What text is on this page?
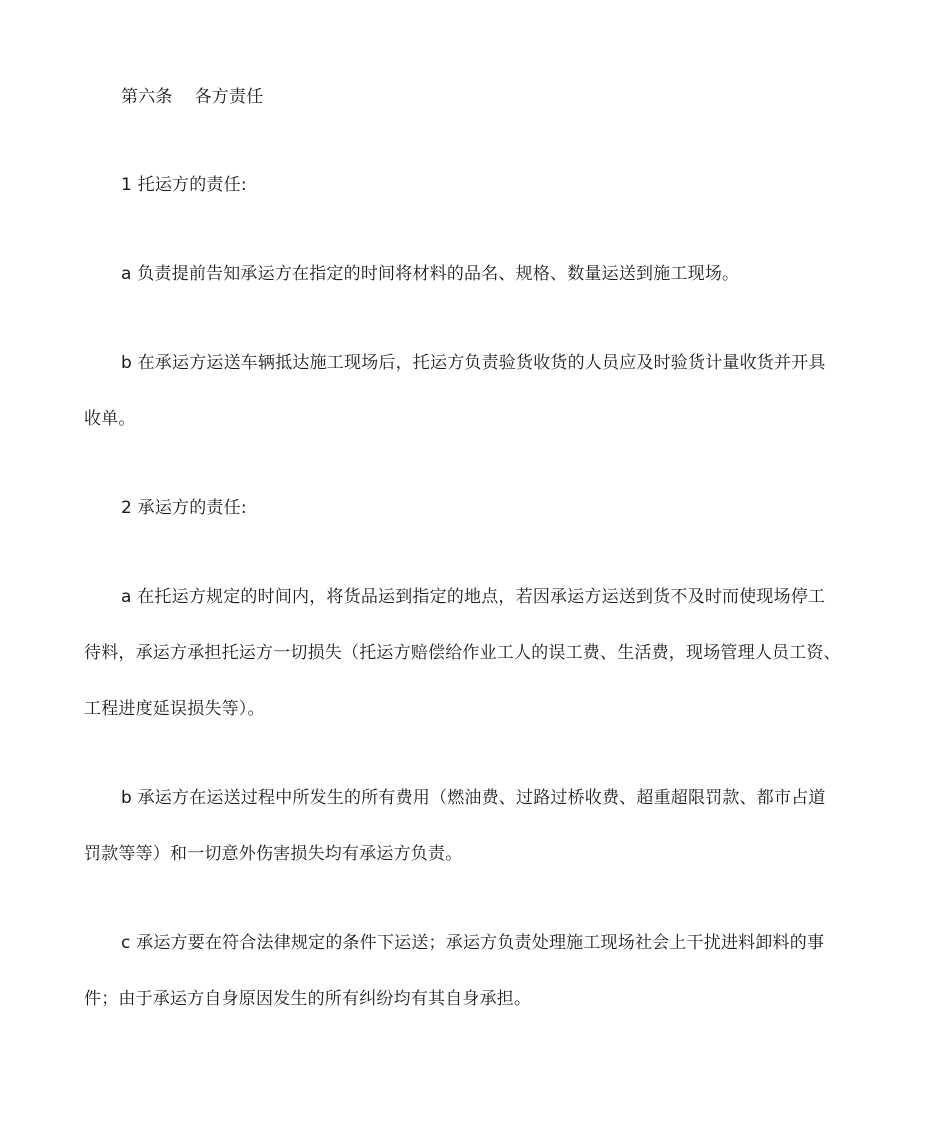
第六条 各方责任
1 托运方的责任:
a 负责提前告知承运方在指定的时间将材料的品名、规格、数量运送到施工现场。
b 在承运方运送车辆抵达施工现场后，托运方负责验货收货的人员应及时验货计量收货并开具
收单。
2 承运方的责任:
a 在托运方规定的时间内，将货品运到指定的地点，若因承运方运送到货不及时而使现场停工
待料，承运方承担托运方一切损失（托运方赔偿给作业工人的误工费、生活费，现场管理人员工资、
工程进度延误损失等）。
b 承运方在运送过程中所发生的所有费用（燃油费、过路过桥收费、超重超限罚款、都市占道
罚款等等）和一切意外伤害损失均有承运方负责。
c 承运方要在符合法律规定的条件下运送；承运方负责处理施工现场社会上干扰进料卸料的事
件；由于承运方自身原因发生的所有纠纷均有其自身承担。
